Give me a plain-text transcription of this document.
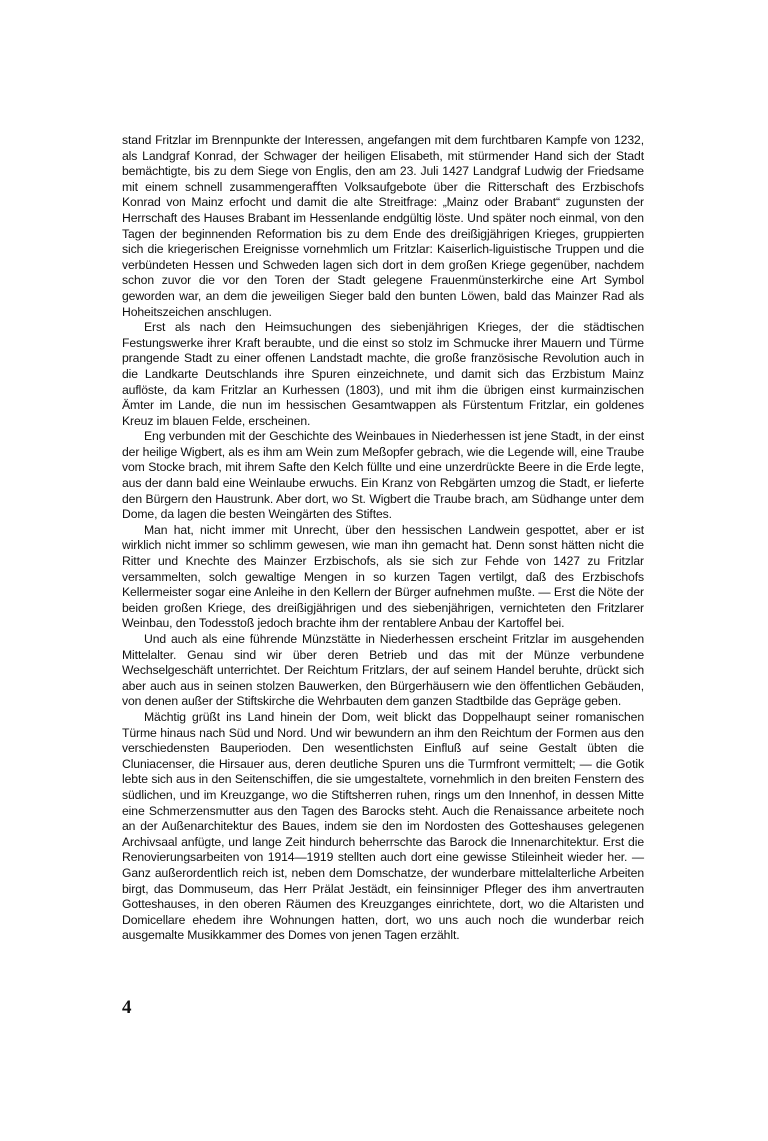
stand Fritzlar im Brennpunkte der Interessen, angefangen mit dem furchtbaren Kampfe von 1232, als Landgraf Konrad, der Schwager der heiligen Elisabeth, mit stürmender Hand sich der Stadt bemächtigte, bis zu dem Siege von Englis, den am 23. Juli 1427 Landgraf Ludwig der Friedsame mit einem schnell zusammengeraﬀten Volksaufgebote über die Ritterschaft des Erzbischofs Konrad von Mainz erfocht und damit die alte Streitfrage: „Mainz oder Brabant“ zugunsten der Herrschaft des Hauses Brabant im Hessenlande endgültig löste. Und später noch einmal, von den Tagen der beginnenden Reformation bis zu dem Ende des dreißigjährigen Krieges, gruppierten sich die kriegerischen Ereignisse vornehmlich um Fritzlar: Kaiserlich-liguistische Truppen und die verbündeten Hessen und Schweden lagen sich dort in dem großen Kriege gegenüber, nachdem schon zuvor die vor den Toren der Stadt gelegene Frauenmünsterkirche eine Art Symbol geworden war, an dem die jeweiligen Sieger bald den bunten Löwen, bald das Mainzer Rad als Hoheitszeichen anschlugen.

Erst als nach den Heimsuchungen des siebenjährigen Krieges, der die städtischen Festungswerke ihrer Kraft beraubte, und die einst so stolz im Schmucke ihrer Mauern und Türme prangende Stadt zu einer offenen Landstadt machte, die große französische Revolution auch in die Landkarte Deutschlands ihre Spuren einzeichnete, und damit sich das Erzbistum Mainz auflöste, da kam Fritzlar an Kurhessen (1803), und mit ihm die übrigen einst kurmainzischen Ämter im Lande, die nun im hessischen Gesamtwappen als Fürstentum Fritzlar, ein goldenes Kreuz im blauen Felde, erscheinen.

Eng verbunden mit der Geschichte des Weinbaues in Niederhessen ist jene Stadt, in der einst der heilige Wigbert, als es ihm am Wein zum Meßopfer gebrach, wie die Legende will, eine Traube vom Stocke brach, mit ihrem Safte den Kelch füllte und eine unzerdrückte Beere in die Erde legte, aus der dann bald eine Weinlaube erwuchs. Ein Kranz von Rebgärten umzog die Stadt, er lieferte den Bürgern den Haustrunk. Aber dort, wo St. Wigbert die Traube brach, am Südhange unter dem Dome, da lagen die besten Weingärten des Stiftes.

Man hat, nicht immer mit Unrecht, über den hessischen Landwein gespottet, aber er ist wirklich nicht immer so schlimm gewesen, wie man ihn gemacht hat. Denn sonst hätten nicht die Ritter und Knechte des Mainzer Erzbischofs, als sie sich zur Fehde von 1427 zu Fritzlar versammelten, solch gewaltige Mengen in so kurzen Tagen vertilgt, daß des Erzbischofs Kellermeister sogar eine Anleihe in den Kellern der Bürger aufnehmen mußte. — Erst die Nöte der beiden großen Kriege, des dreißigjährigen und des siebenjährigen, vernichteten den Fritzlarer Weinbau, den Todesstoß jedoch brachte ihm der rentablere Anbau der Kartoffel bei.

Und auch als eine führende Münzstätte in Niederhessen erscheint Fritzlar im ausgehenden Mittelalter. Genau sind wir über deren Betrieb und das mit der Münze verbundene Wechselgeschäft unterrichtet. Der Reichtum Fritzlars, der auf seinem Handel beruhte, drückt sich aber auch aus in seinen stolzen Bauwerken, den Bürgerhäusern wie den öffentlichen Gebäuden, von denen außer der Stiftskirche die Wehrbauten dem ganzen Stadtbilde das Gepräge geben.

Mächtig grüßt ins Land hinein der Dom, weit blickt das Doppelhaupt seiner romanischen Türme hinaus nach Süd und Nord. Und wir bewundern an ihm den Reichtum der Formen aus den verschiedensten Bauperioden. Den wesentlichsten Einfluß auf seine Gestalt übten die Cluniacenser, die Hirsauer aus, deren deutliche Spuren uns die Turmfront vermittelt; — die Gotik lebte sich aus in den Seitenschiffen, die sie umgestaltete, vornehmlich in den breiten Fenstern des südlichen, und im Kreuzgange, wo die Stiftsherren ruhen, rings um den Innenhof, in dessen Mitte eine Schmerzensmutter aus den Tagen des Barocks steht. Auch die Renaissance arbeitete noch an der Außenarchitektur des Baues, indem sie den im Nordosten des Gotteshauses gelegenen Archivsaal anfügte, und lange Zeit hindurch beherrschte das Barock die Innenarchitektur. Erst die Renovierungsarbeiten von 1914—1919 stellten auch dort eine gewisse Stileinheit wieder her. — Ganz außerordentlich reich ist, neben dem Domschatze, der wunderbare mittelalterliche Arbeiten birgt, das Dommuseum, das Herr Prälat Jestädt, ein feinsinniger Pfleger des ihm anvertrauten Gotteshauses, in den oberen Räumen des Kreuzganges einrichtete, dort, wo die Altaristen und Domicellare ehedem ihre Wohnungen hatten, dort, wo uns auch noch die wunderbar reich ausgemalte Musikkammer des Domes von jenen Tagen erzählt.

4
